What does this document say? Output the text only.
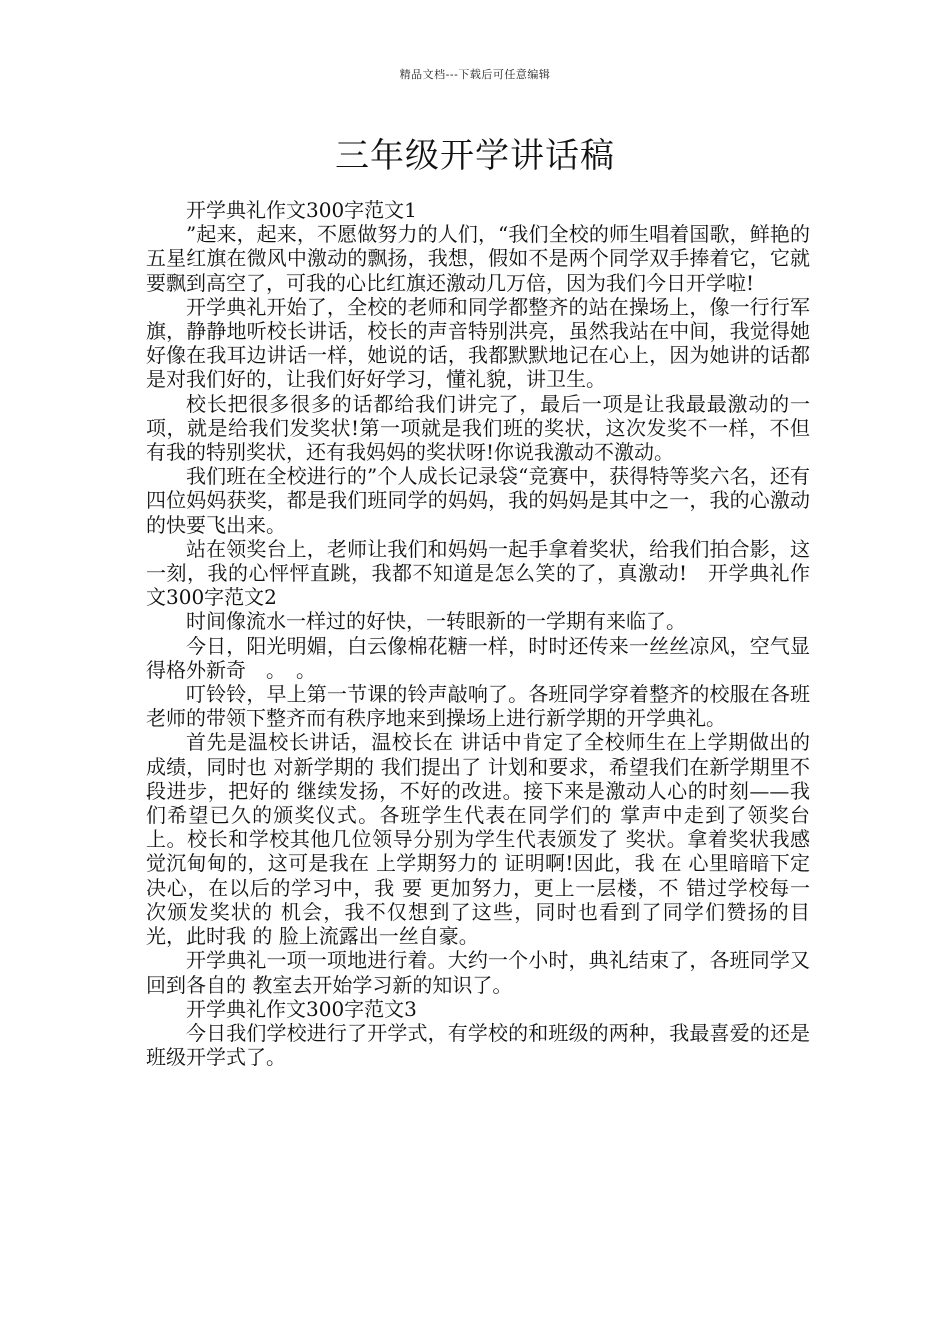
精品文档---下载后可任意编辑
三年级开学讲话稿

开学典礼作文300字范文1

”起来，起来，不愿做努力的人们，“我们全校的师生唱着国歌，鲜艳的五星红旗在微风中激动的飘扬，我想，假如不是两个同学双手捧着它，它就要飘到高空了，可我的心比红旗还激动几万倍，因为我们今日开学啦!

开学典礼开始了，全校的老师和同学都整齐的站在操场上，像一行行军旗，静静地听校长讲话，校长的声音特别洪亮，虽然我站在中间，我觉得她好像在我耳边讲话一样，她说的话，我都默默地记在心上，因为她讲的话都是对我们好的，让我们好好学习，懂礼貌，讲卫生。

校长把很多很多的话都给我们讲完了，最后一项是让我最最激动的一项，就是给我们发奖状!第一项就是我们班的奖状，这次发奖不一样，不但有我的特别奖状，还有我妈妈的奖状呀!你说我激动不激动。

我们班在全校进行的”个人成长记录袋“竞赛中，获得特等奖六名，还有四位妈妈获奖，都是我们班同学的妈妈，我的妈妈是其中之一，我的心激动的快要飞出来。

站在领奖台上，老师让我们和妈妈一起手拿着奖状，给我们拍合影，这一刻，我的心怦怦直跳，我都不知道是怎么笑的了，真激动!　开学典礼作文300字范文2

时间像流水一样过的好快，一转眼新的一学期有来临了。

今日，阳光明媚，白云像棉花糖一样，时时还传来一丝丝凉风，空气显得格外新奇　。　。

叮铃铃，早上第一节课的铃声敲响了。各班同学穿着整齐的校服在各班老师的带领下整齐而有秩序地来到操场上进行新学期的开学典礼。

首先是温校长讲话，温校长在 讲话中肯定了全校师生在上学期做出的成绩，同时也 对新学期的 我们提出了 计划和要求，希望我们在新学期里不段进步，把好的 继续发扬，不好的改进。接下来是激动人心的时刻——我们希望已久的颁奖仪式。各班学生代表在同学们的 掌声中走到了领奖台上。校长和学校其他几位领导分别为学生代表颁发了 奖状。拿着奖状我感觉沉甸甸的，这可是我在 上学期努力的 证明啊!因此，我 在 心里暗暗下定决心，在以后的学习中，我 要 更加努力，更上一层楼，不 错过学校每一 次颁发奖状的 机会，我不仅想到了这些，同时也看到了同学们赞扬的目光，此时我 的 脸上流露出一丝自豪。

开学典礼一项一项地进行着。大约一个小时，典礼结束了，各班同学又回到各自的 教室去开始学习新的知识了。

开学典礼作文300字范文3

今日我们学校进行了开学式，有学校的和班级的两种，我最喜爱的还是班级开学式了。
